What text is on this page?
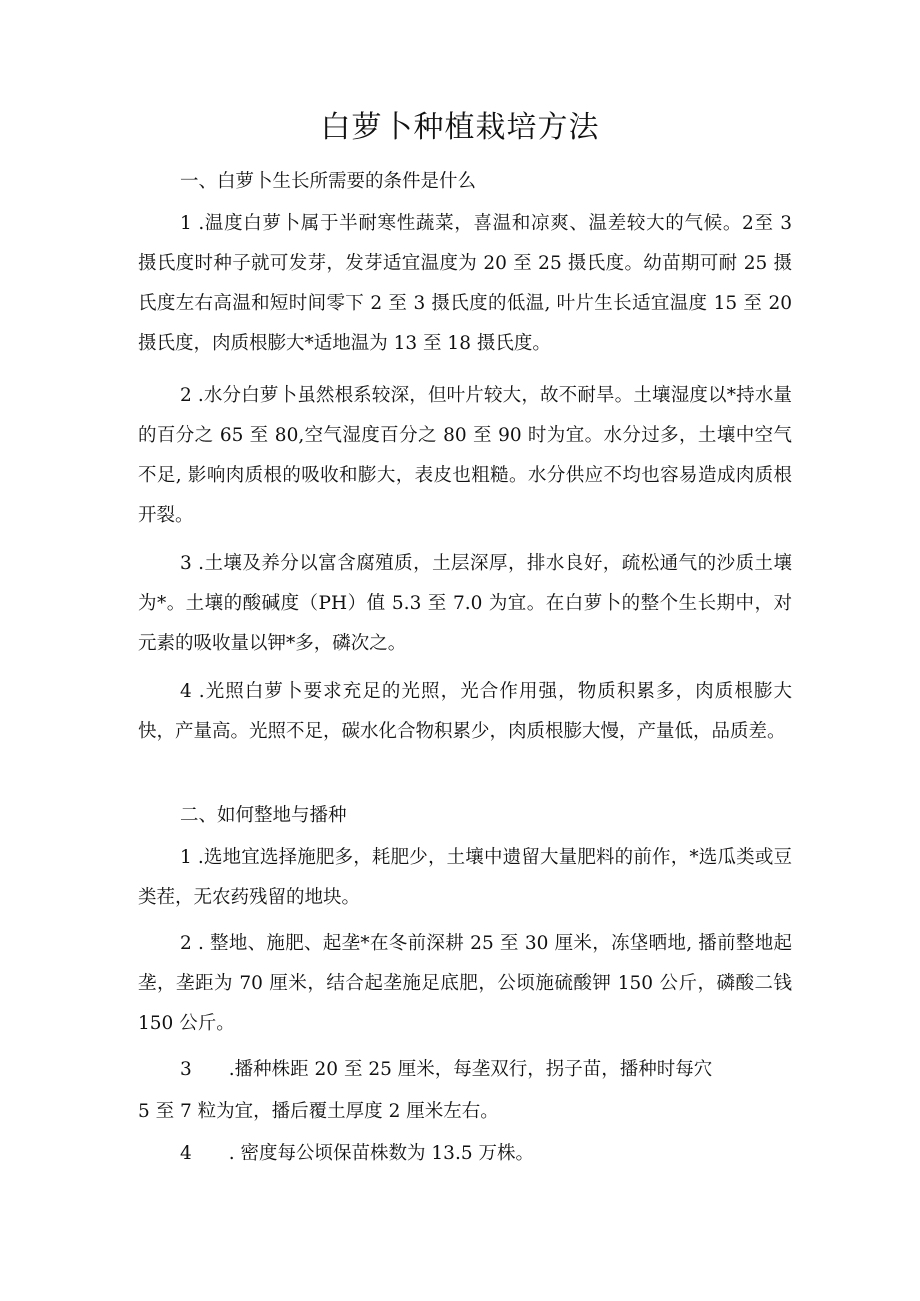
白萝卜种植栽培方法

一、白萝卜生长所需要的条件是什么

1 .温度白萝卜属于半耐寒性蔬菜，喜温和凉爽、温差较大的气候。2至 3 摄氏度时种子就可发芽，发芽适宜温度为 20 至 25 摄氏度。幼苗期可耐 25 摄氏度左右高温和短时间零下 2 至 3 摄氏度的低温, 叶片生长适宜温度 15 至 20 摄氏度，肉质根膨大*适地温为 13 至 18 摄氏度。

2 .水分白萝卜虽然根系较深，但叶片较大，故不耐旱。土壤湿度以*持水量的百分之 65 至 80,空气湿度百分之 80 至 90 时为宜。水分过多，土壤中空气不足, 影响肉质根的吸收和膨大，表皮也粗糙。水分供应不均也容易造成肉质根开裂。

3 .土壤及养分以富含腐殖质，土层深厚，排水良好，疏松通气的沙质土壤为*。土壤的酸碱度（PH）值 5.3 至 7.0 为宜。在白萝卜的整个生长期中，对元素的吸收量以钾*多，磷次之。

4 .光照白萝卜要求充足的光照，光合作用强，物质积累多，肉质根膨大快，产量高。光照不足，碳水化合物积累少，肉质根膨大慢，产量低，品质差。

二、如何整地与播种

1 .选地宜选择施肥多，耗肥少，土壤中遗留大量肥料的前作，*选瓜类或豆类茬，无农药残留的地块。

2 . 整地、施肥、起垄*在冬前深耕 25 至 30 厘米，冻垡晒地, 播前整地起垄，垄距为 70 厘米，结合起垄施足底肥，公顷施硫酸钾 150 公斤，磷酸二钱 150 公斤。

3　　.播种株距 20 至 25 厘米，每垄双行，拐子苗，播种时每穴

5 至 7 粒为宜，播后覆土厚度 2 厘米左右。

4　　. 密度每公顷保苗株数为 13.5 万株。
